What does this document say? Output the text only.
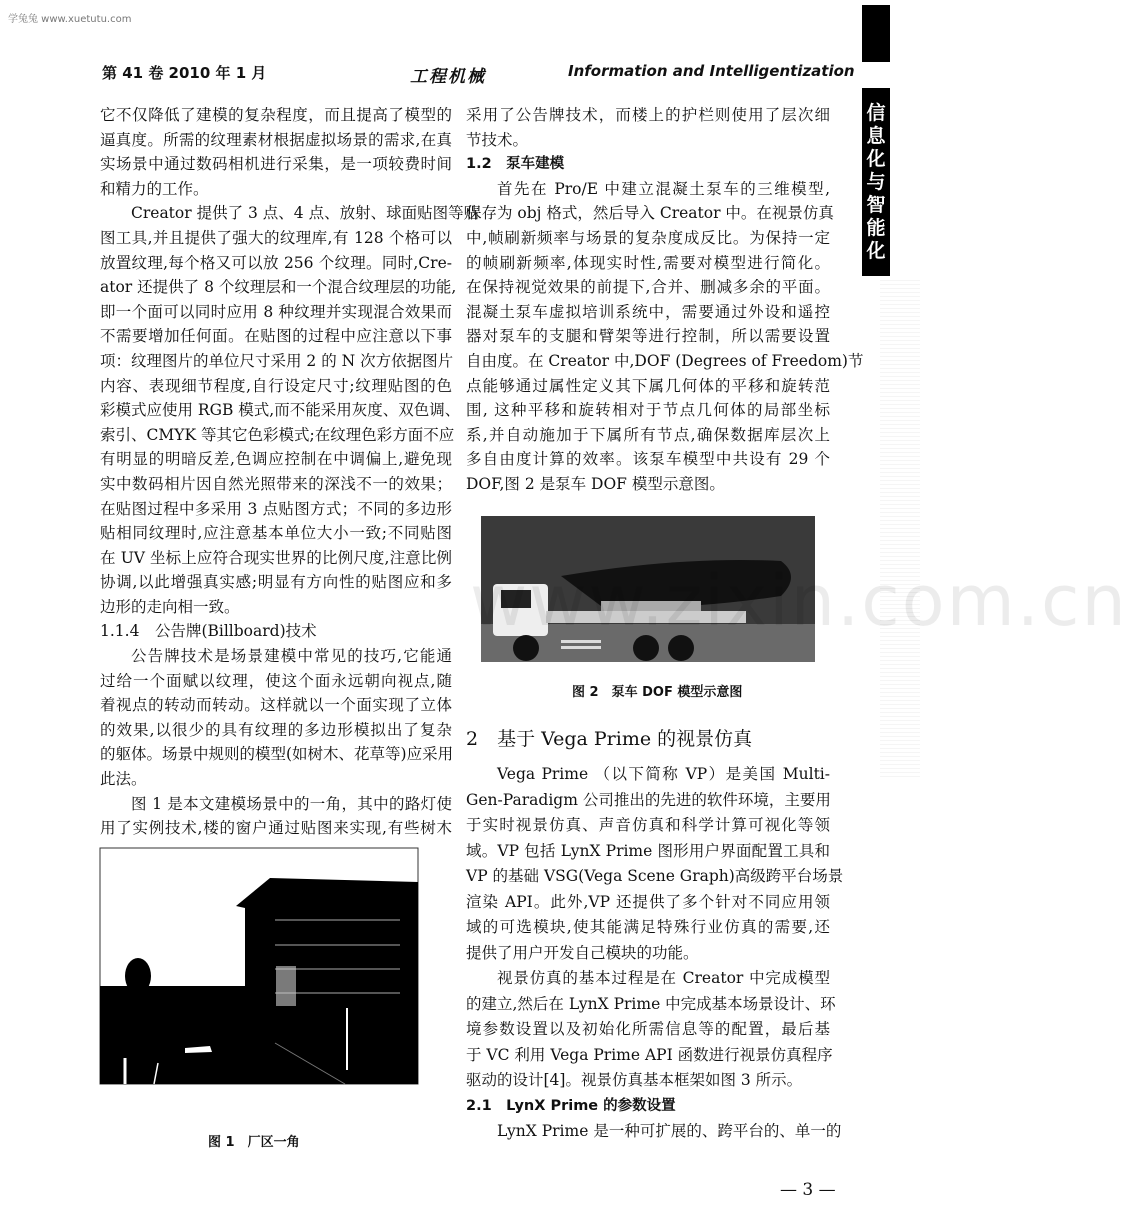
学兔兔 www.xuetutu.com
第 41 卷 2010 年 1 月	工程机械	Information and Intelligentization
信
息
化
与
智
能
化
它不仅降低了建模的复杂程度，而且提高了模型的
逼真度。所需的纹理素材根据虚拟场景的需求,在真
实场景中通过数码相机进行采集，是一项较费时间
和精力的工作。
Creator 提供了 3 点、4 点、放射、球面贴图等贴
图工具,并且提供了强大的纹理库,有 128 个格可以
放置纹理,每个格又可以放 256 个纹理。同时,Cre-
ator 还提供了 8 个纹理层和一个混合纹理层的功能,
即一个面可以同时应用 8 种纹理并实现混合效果而
不需要增加任何面。在贴图的过程中应注意以下事
项：纹理图片的单位尺寸采用 2 的 N 次方依据图片
内容、表现细节程度,自行设定尺寸;纹理贴图的色
彩模式应使用 RGB 模式,而不能采用灰度、双色调、
索引、CMYK 等其它色彩模式;在纹理色彩方面不应
有明显的明暗反差,色调应控制在中调偏上,避免现
实中数码相片因自然光照带来的深浅不一的效果；
在贴图过程中多采用 3 点贴图方式；不同的多边形
贴相同纹理时,应注意基本单位大小一致;不同贴图
在 UV 坐标上应符合现实世界的比例尺度,注意比例
协调,以此增强真实感;明显有方向性的贴图应和多
边形的走向相一致。
1.1.4　公告牌(Billboard)技术
公告牌技术是场景建模中常见的技巧,它能通
过给一个面赋以纹理，使这个面永远朝向视点,随
着视点的转动而转动。这样就以一个面实现了立体
的效果,以很少的具有纹理的多边形模拟出了复杂
的躯体。场景中规则的模型(如树木、花草等)应采用
此法。
图 1 是本文建模场景中的一角，其中的路灯使
用了实例技术,楼的窗户通过贴图来实现,有些树木
采用了公告牌技术，而楼上的护栏则使用了层次细
节技术。
1.2　泵车建模
首先在 Pro/E 中建立混凝土泵车的三维模型,
保存为 obj 格式，然后导入 Creator 中。在视景仿真
中,帧刷新频率与场景的复杂度成反比。为保持一定
的帧刷新频率,体现实时性,需要对模型进行简化。
在保持视觉效果的前提下,合并、删减多余的平面。
混凝土泵车虚拟培训系统中，需要通过外设和遥控
器对泵车的支腿和臂架等进行控制，所以需要设置
自由度。在 Creator 中,DOF (Degrees of Freedom)节
点能够通过属性定义其下属几何体的平移和旋转范
围, 这种平移和旋转相对于节点几何体的局部坐标
系,并自动施加于下属所有节点,确保数据库层次上
多自由度计算的效率。该泵车模型中共设有 29 个
DOF,图 2 是泵车 DOF 模型示意图。
Vega Prime （以下简称 VP）是美国 Multi-
Gen-Paradigm 公司推出的先进的软件环境，主要用
于实时视景仿真、声音仿真和科学计算可视化等领
域。VP 包括 LynX Prime 图形用户界面配置工具和
VP 的基础 VSG(Vega Scene Graph)高级跨平台场景
渲染 API。此外,VP 还提供了多个针对不同应用领
域的可选模块,使其能满足特殊行业仿真的需要,还
提供了用户开发自己模块的功能。
视景仿真的基本过程是在 Creator 中完成模型
的建立,然后在 LynX Prime 中完成基本场景设计、环
境参数设置以及初始化所需信息等的配置，最后基
于 VC 利用 Vega Prime API 函数进行视景仿真程序
驱动的设计[4]。视景仿真基本框架如图 3 所示。
2.1　LynX Prime 的参数设置
LynX Prime 是一种可扩展的、跨平台的、单一的
图 2　泵车 DOF 模型示意图
2　基于 Vega Prime 的视景仿真
图 1　厂区一角
www.zixin.com.cn
— 3 —
